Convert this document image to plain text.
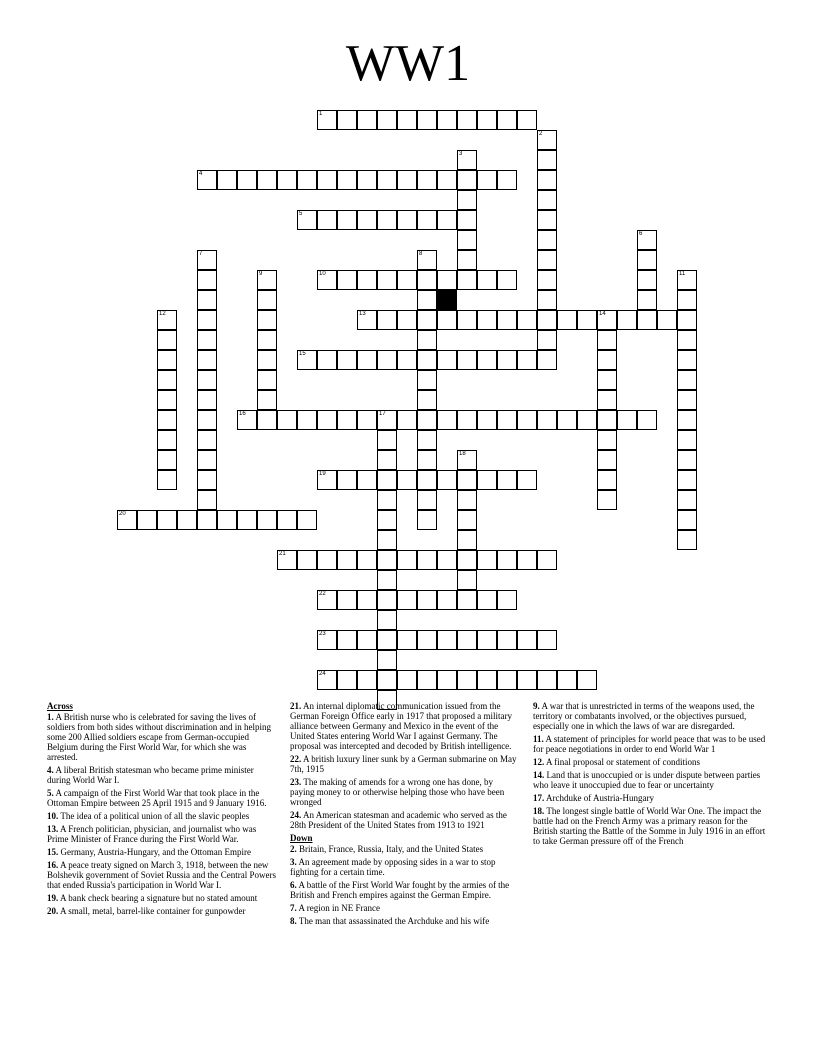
WW1
1
2
3
4
5
6
7	8
9	10	11
12	13	14
15
16	17
18
19
20
21
22
23
24
Across
1. A British nurse who is celebrated for saving the lives of soldiers from both sides without discrimination and in helping some 200 Allied soldiers escape from German-occupied Belgium during the First World War, for which she was arrested.
4. A liberal British statesman who became prime minister during World War I.
5. A campaign of the First World War that took place in the Ottoman Empire between 25 April 1915 and 9 January 1916.
10. The idea of a political union of all the slavic peoples
13. A French politician, physician, and journalist who was Prime Minister of France during the First World War.
15. Germany, Austria-Hungary, and the Ottoman Empire
16. A peace treaty signed on March 3, 1918, between the new Bolshevik government of Soviet Russia and the Central Powers that ended Russia's participation in World War I.
19. A bank check bearing a signature but no stated amount
20. A small, metal, barrel-like container for gunpowder
21. An internal diplomatic communication issued from the German Foreign Office early in 1917 that proposed a military alliance between Germany and Mexico in the event of the United States entering World War I against Germany. The proposal was intercepted and decoded by British intelligence.
22. A british luxury liner sunk by a German submarine on May 7th, 1915
23. The making of amends for a wrong one has done, by paying money to or otherwise helping those who have been wronged
24. An American statesman and academic who served as the 28th President of the United States from 1913 to 1921
Down
2. Britain, France, Russia, Italy, and the United States
3. An agreement made by opposing sides in a war to stop fighting for a certain time.
6. A battle of the First World War fought by the armies of the British and French empires against the German Empire.
7. A region in NE France
8. The man that assassinated the Archduke and his wife
9. A war that is unrestricted in terms of the weapons used, the territory or combatants involved, or the objectives pursued, especially one in which the laws of war are disregarded.
11. A statement of principles for world peace that was to be used for peace negotiations in order to end World War 1
12. A final proposal or statement of conditions
14. Land that is unoccupied or is under dispute between parties who leave it unoccupied due to fear or uncertainty
17. Archduke of Austria-Hungary
18. The longest single battle of World War One. The impact the battle had on the French Army was a primary reason for the British starting the Battle of the Somme in July 1916 in an effort to take German pressure off of the French
